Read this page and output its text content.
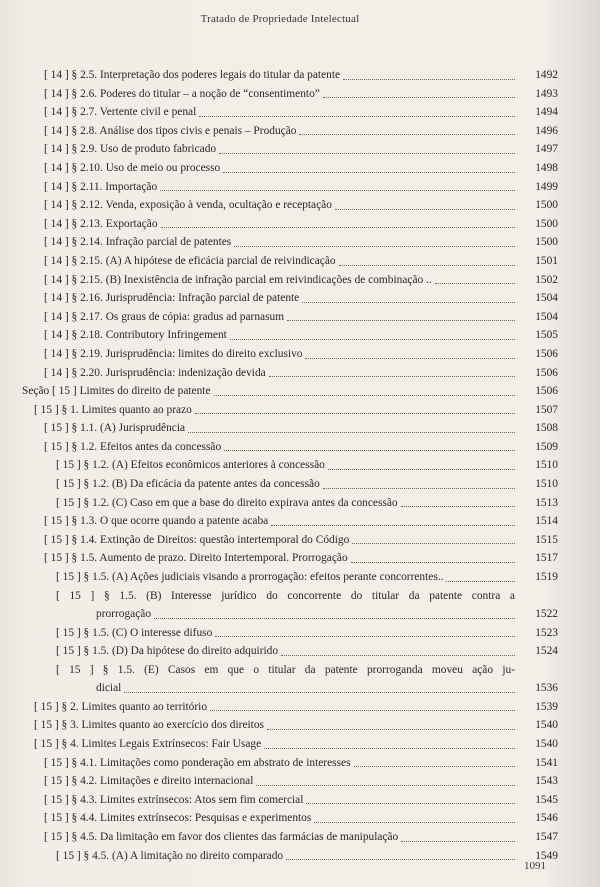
Tratado de Propriedade Intelectual
[ 14 ] § 2.5. Interpretação dos poderes legais do titular da patente	1492
[ 14 ] § 2.6. Poderes do titular – a noção de “consentimento”	1493
[ 14 ] § 2.7. Vertente civil e penal	1494
[ 14 ] § 2.8. Análise dos tipos civis e penais – Produção	1496
[ 14 ] § 2.9. Uso de produto fabricado	1497
[ 14 ] § 2.10. Uso de meio ou processo	1498
[ 14 ] § 2.11. Importação	1499
[ 14 ] § 2.12. Venda, exposição à venda, ocultação e receptação	1500
[ 14 ] § 2.13. Exportação	1500
[ 14 ] § 2.14. Infração parcial de patentes	1500
[ 14 ] § 2.15. (A) A hipótese de eficácia parcial de reivindicação	1501
[ 14 ] § 2.15. (B) Inexistência de infração parcial em reivindicações de combinação ..	1502
[ 14 ] § 2.16. Jurisprudência: Infração parcial de patente	1504
[ 14 ] § 2.17. Os graus de cópia: gradus ad parnasum	1504
[ 14 ] § 2.18. Contributory Infringement	1505
[ 14 ] § 2.19. Jurisprudência: limites do direito exclusivo	1506
[ 14 ] § 2.20. Jurisprudência: indenização devida	1506
Seção [ 15 ] Limites do direito de patente	1506
[ 15 ] § 1. Limites quanto ao prazo	1507
[ 15 ] § 1.1. (A) Jurisprudência	1508
[ 15 ] § 1.2. Efeitos antes da concessão	1509
[ 15 ] § 1.2. (A) Efeitos econômicos anteriores à concessão	1510
[ 15 ] § 1.2. (B) Da eficácia da patente antes da concessão	1510
[ 15 ] § 1.2. (C) Caso em que a base do direito expirava antes da concessão	1513
[ 15 ] § 1.3. O que ocorre quando a patente acaba	1514
[ 15 ] § 1.4. Extinção de Direitos: questão intertemporal do Código	1515
[ 15 ] § 1.5. Aumento de prazo. Direito Intertemporal. Prorrogação	1517
[ 15 ] § 1.5. (A) Ações judiciais visando a prorrogação: efeitos perante concorrentes..	1519
[ 15 ] § 1.5. (B) Interesse jurídico do concorrente do titular da patente contra a
prorrogação	1522
[ 15 ] § 1.5. (C) O interesse difuso	1523
[ 15 ] § 1.5. (D) Da hipótese do direito adquirido	1524
[ 15 ] § 1.5. (E) Casos em que o titular da patente prorroganda moveu ação ju-
dicial	1536
[ 15 ] § 2. Limites quanto ao território	1539
[ 15 ] § 3. Limites quanto ao exercício dos direitos	1540
[ 15 ] § 4. Limites Legais Extrínsecos: Fair Usage	1540
[ 15 ] § 4.1. Limitações como ponderação em abstrato de interesses	1541
[ 15 ] § 4.2. Limitações e direito internacional	1543
[ 15 ] § 4.3. Limites extrínsecos: Atos sem fim comercial	1545
[ 15 ] § 4.4. Limites extrínsecos: Pesquisas e experimentos	1546
[ 15 ] § 4.5. Da limitação em favor dos clientes das farmácias de manipulação	1547
[ 15 ] § 4.5. (A) A limitação no direito comparado	1549
1091
